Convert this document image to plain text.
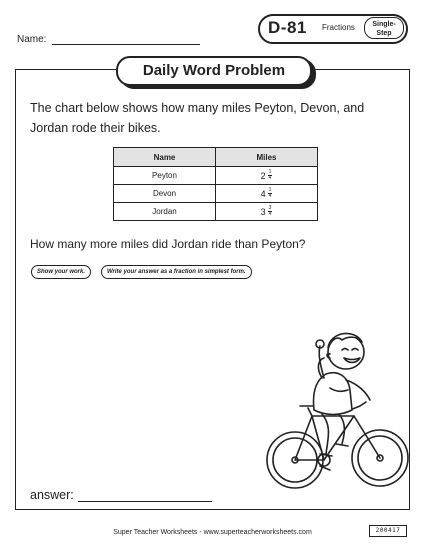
Name:
D-81 Fractions	Single-
Step
Daily Word Problem
The chart below shows how many miles Peyton, Devon, and Jordan rode their bikes.
Name	Miles
Peyton	$2 \frac{1}{4}$

Devon	$4 \frac{1}{4}$

Jordan	$3 \frac{3}{4}$
How many more miles did Jordan ride than Peyton?
Show your work.	Write your answer as a fraction in simplest form.
answer:
Super Teacher Worksheets - www.superteacherworksheets.com	200417
